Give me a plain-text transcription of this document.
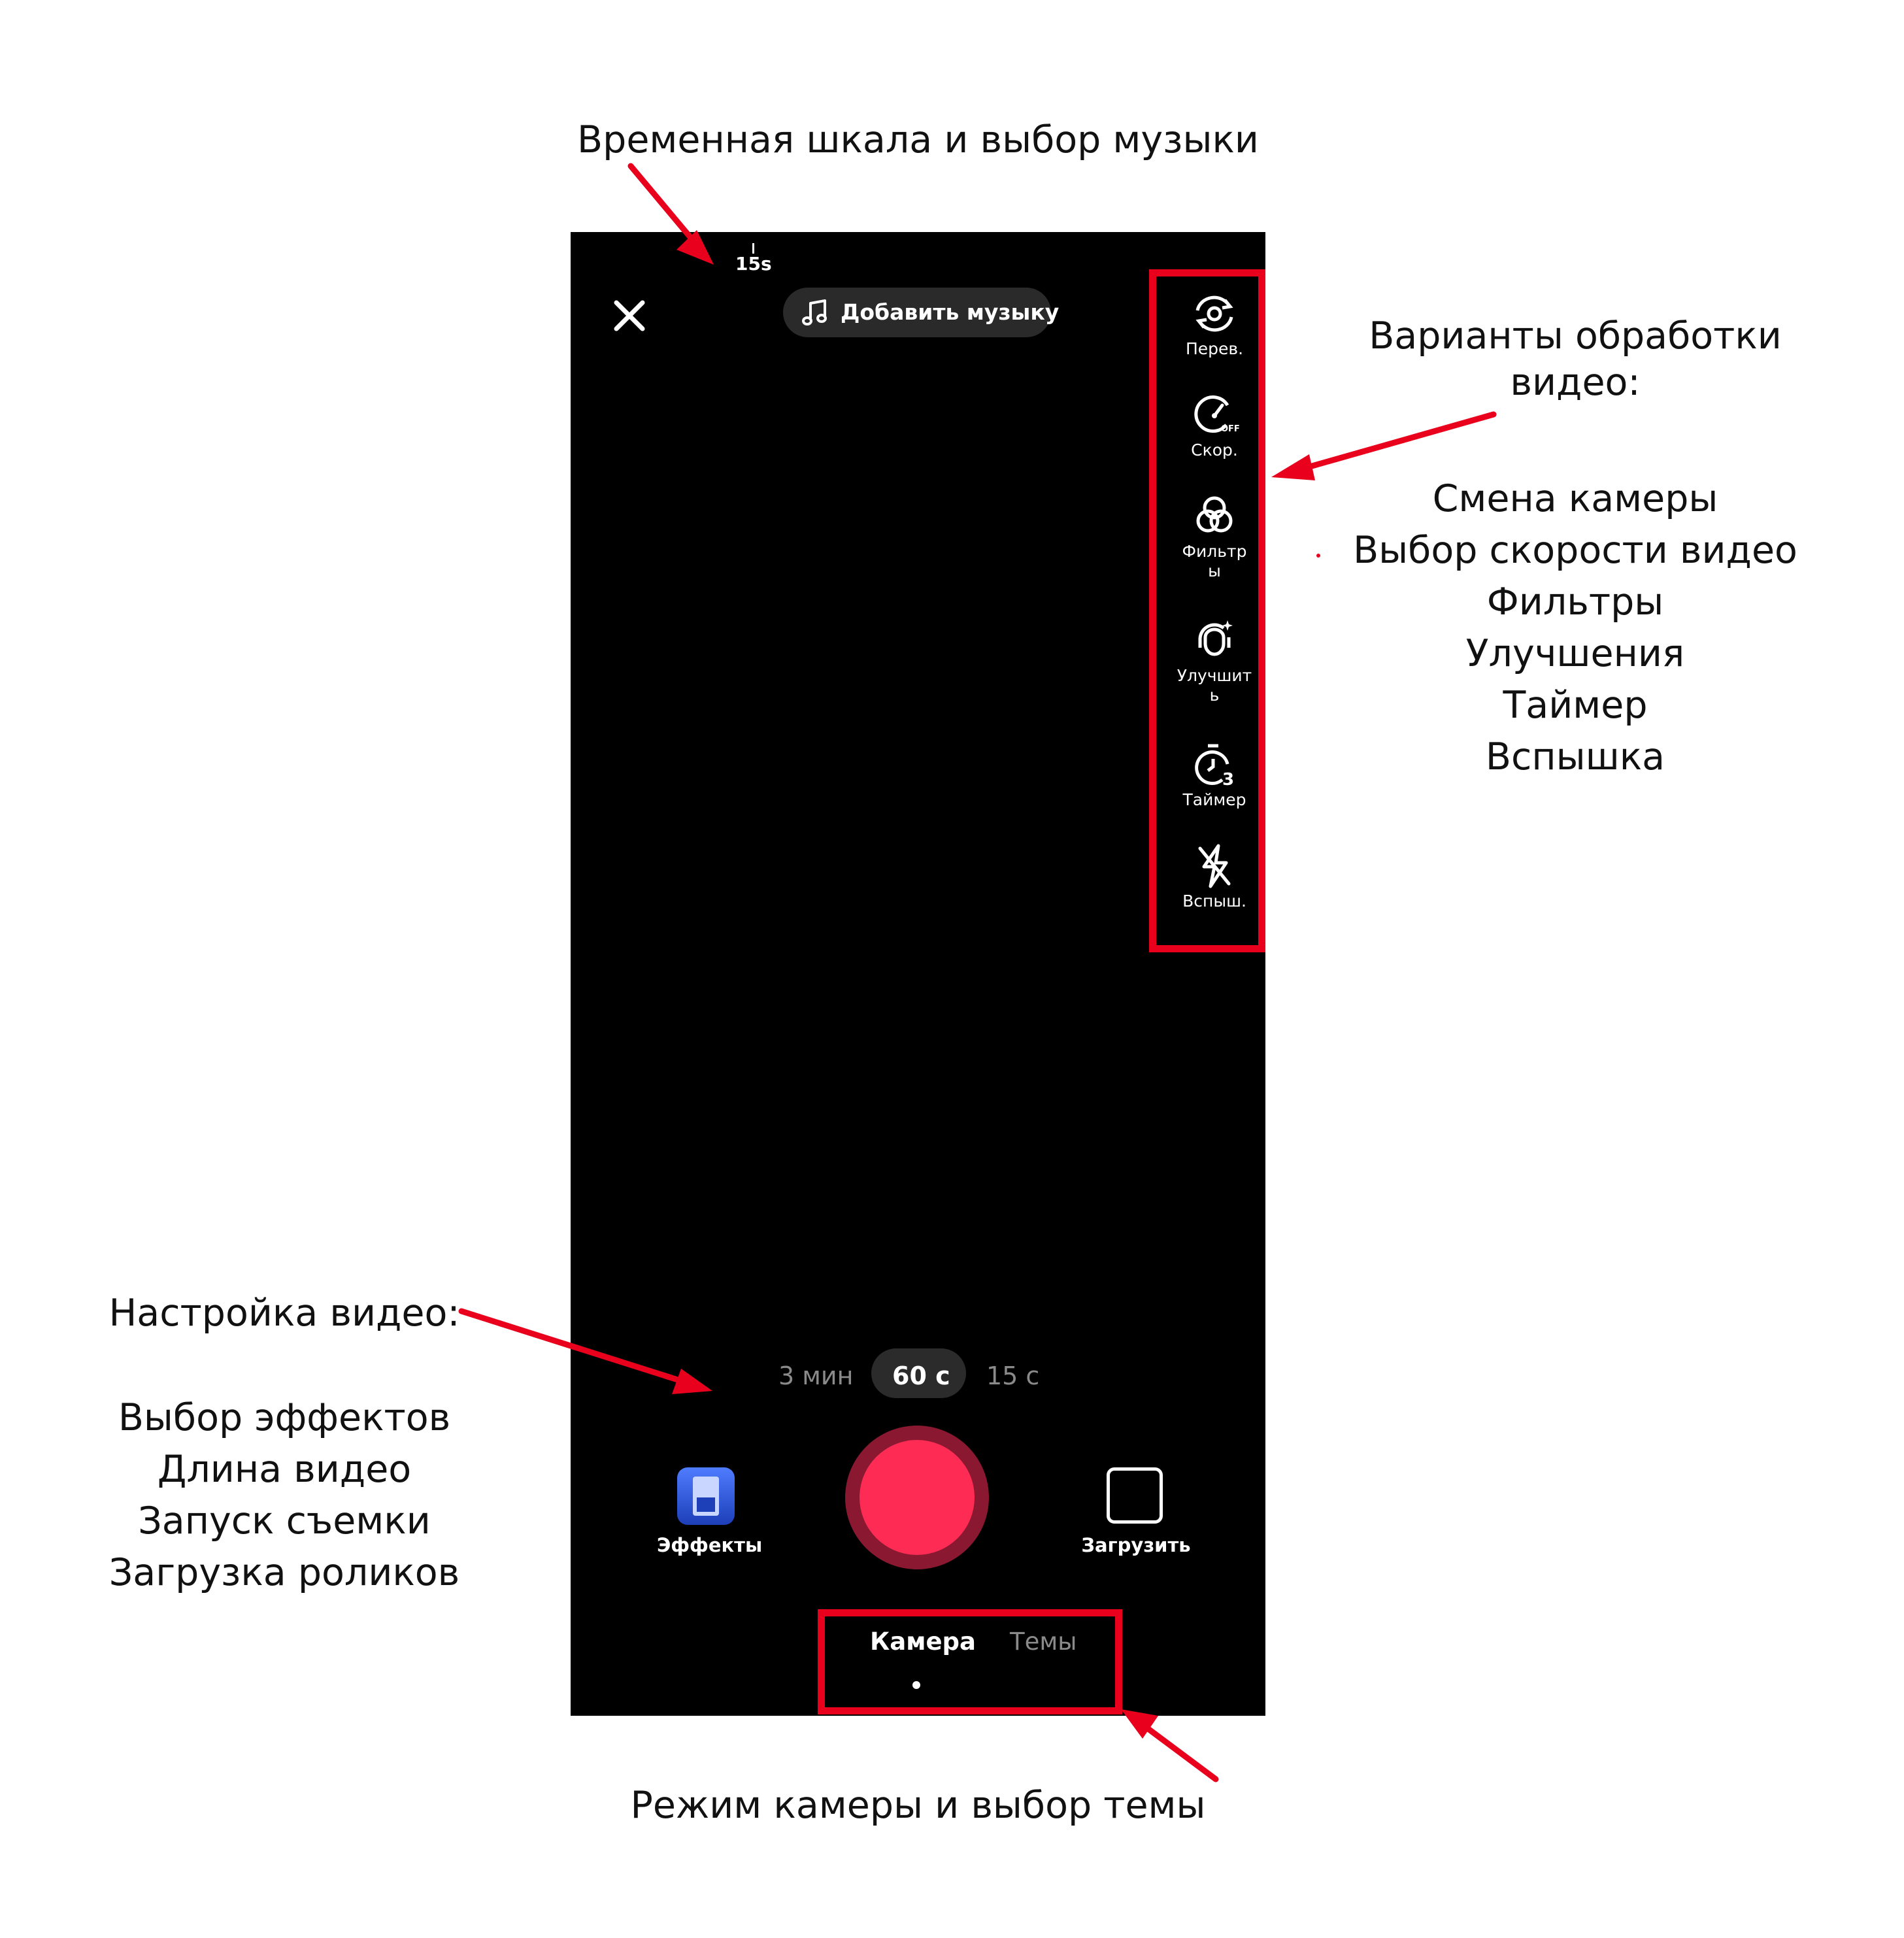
Временная шкала и выбор музыки
Варианты обработки
видео:
Смена камеры
Выбор скорости видео
Фильтры
Улучшения
Таймер
Вспышка
Настройка видео:
Выбор эффектов
Длина видео
Запуск съемки
Загрузка роликов
Режим камеры и выбор темы
15s
Добавить музыку
Перев.
OFF
Скор.
Фильтр
ы
Улучшит
ь
3
Таймер
Вспыш.
3 мин 60 с 15 с
Эффекты	Загрузить
Камера Темы
